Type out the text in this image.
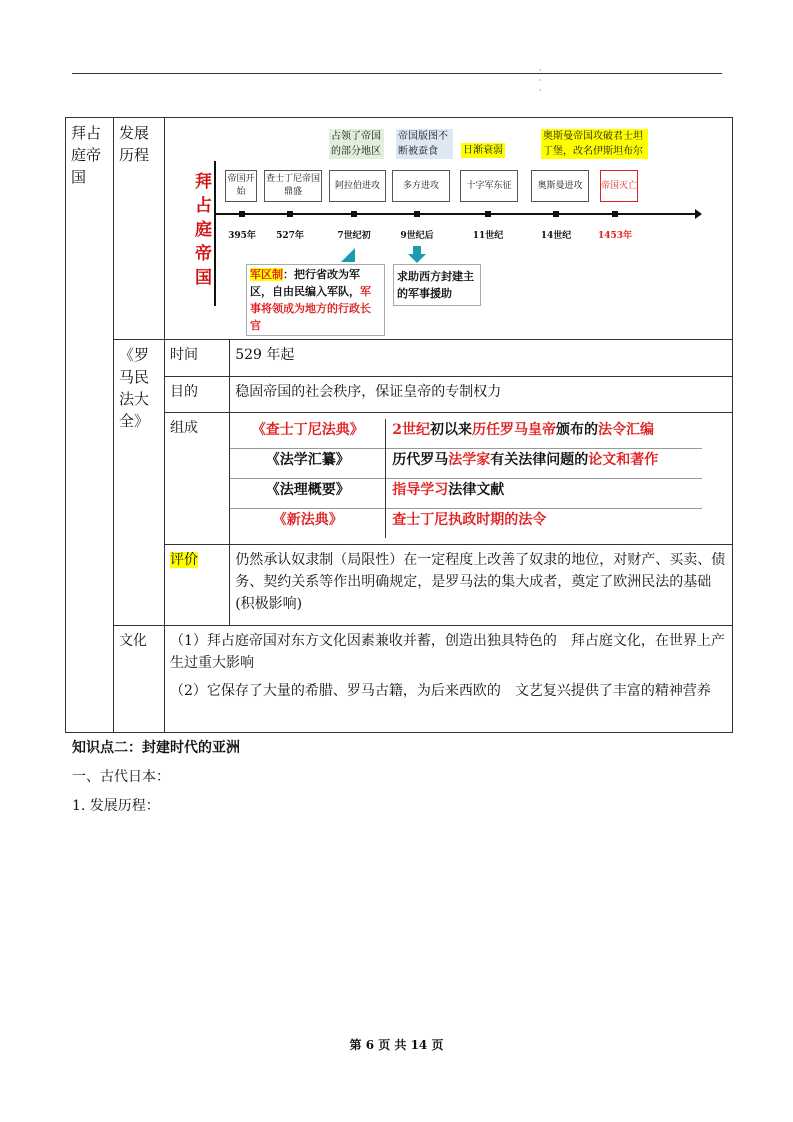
·
·
·
拜占庭帝国	发展历程	
拜占庭帝国
占领了帝国的部分地区
帝国版图不断被蚕食	日渐衰弱
奥斯曼帝国攻破君士坦丁堡，改名伊斯坦布尔
帝国开始
395年
查士丁尼帝国鼎盛
527年
阿拉伯进攻
7世纪初
多方进攻
9世纪后
十字军东征
11世纪
奥斯曼进攻
14世纪
帝国灭亡
1453年
军区制：把行省改为军区，自由民编入军队，军事将领成为地方的行政长官
求助西方封建主的军事援助

《罗马民法大全》	时间	529 年起
目的	稳固帝国的社会秩序，保证皇帝的专制权力
组成		《查士丁尼法典》	2世纪初以来历任罗马皇帝颁布的法令汇编
《法学汇纂》	历代罗马法学家有关法律问题的论文和著作
《法理概要》	指导学习法律文献
《新法典》	查士丁尼执政时期的法令

评价	仍然承认奴隶制（局限性）在一定程度上改善了奴隶的地位，对财产、买卖、债务、契约关系等作出明确规定，是罗马法的集大成者，奠定了欧洲民法的基础(积极影响)
文化	（1）拜占庭帝国对东方文化因素兼收并蓄，创造出独具特色的　拜占庭文化，在世界上产生过重大影响
（2）它保存了大量的希腊、罗马古籍，为后来西欧的　文艺复兴提供了丰富的精神营养
知识点二：封建时代的亚洲
一、古代日本：
1. 发展历程：
第 6 页 共 14 页
